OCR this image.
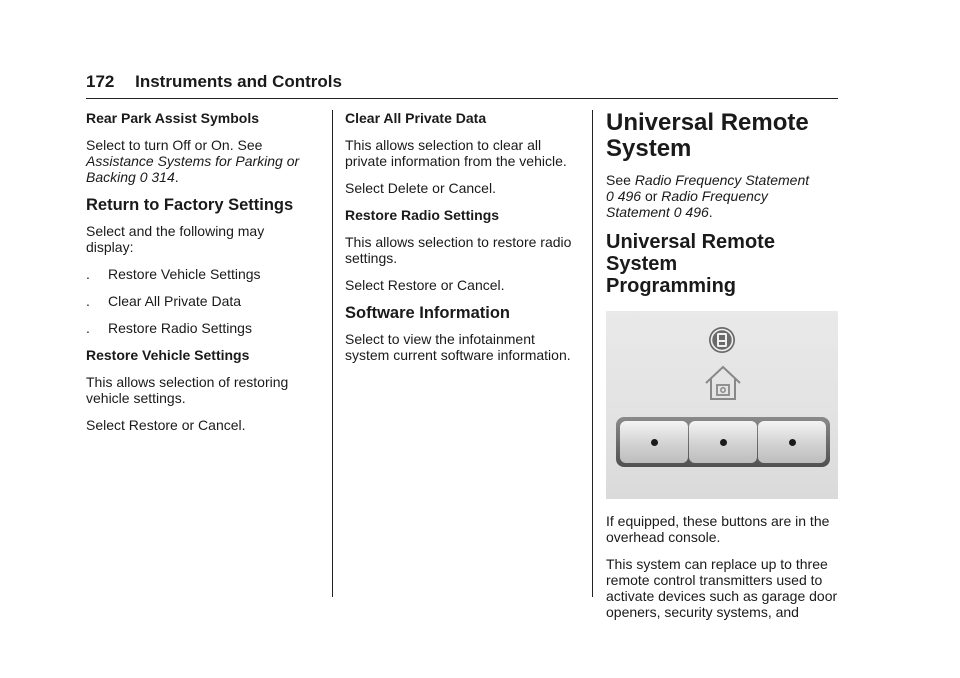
172 Instruments and Controls

Rear Park Assist Symbols

Select to turn Off or On. See Assistance Systems for Parking or Backing 0 314.

Return to Factory Settings

Select and the following may display:

.	Restore Vehicle Settings
.	Clear All Private Data
.	Restore Radio Settings

Restore Vehicle Settings

This allows selection of restoring vehicle settings.

Select Restore or Cancel.

Clear All Private Data

This allows selection to clear all private information from the vehicle.

Select Delete or Cancel.

Restore Radio Settings

This allows selection to restore radio settings.

Select Restore or Cancel.

Software Information

Select to view the infotainment system current software information.

Universal Remote
System

See Radio Frequency Statement
0 496 or Radio Frequency
Statement 0 496.

Universal Remote System
Programming

If equipped, these buttons are in the overhead console.

This system can replace up to three remote control transmitters used to activate devices such as garage door openers, security systems, and
